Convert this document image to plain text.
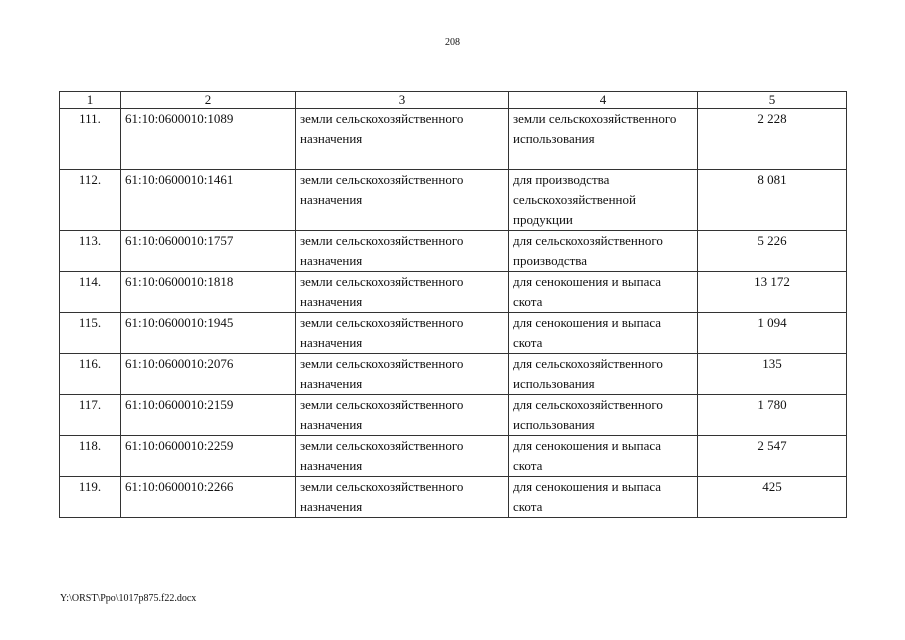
208
1	2	3	4	5
111.	61:10:0600010:1089	земли сельскохозяйственного назначения	земли сельскохозяйственного использования	2 228
112.	61:10:0600010:1461	земли сельскохозяйственного назначения	для производства сельскохозяйственной продукции	8 081
113.	61:10:0600010:1757	земли сельскохозяйственного назначения	для сельскохозяйственного производства	5 226
114.	61:10:0600010:1818	земли сельскохозяйственного назначения	для сенокошения и выпаса скота	13 172
115.	61:10:0600010:1945	земли сельскохозяйственного назначения	для сенокошения и выпаса скота	1 094
116.	61:10:0600010:2076	земли сельскохозяйственного назначения	для сельскохозяйственного использования	135
117.	61:10:0600010:2159	земли сельскохозяйственного назначения	для сельскохозяйственного использования	1 780
118.	61:10:0600010:2259	земли сельскохозяйственного назначения	для сенокошения и выпаса скота	2 547
119.	61:10:0600010:2266	земли сельскохозяйственного назначения	для сенокошения и выпаса скота	425
Y:\ORST\Ppo\1017p875.f22.docx
